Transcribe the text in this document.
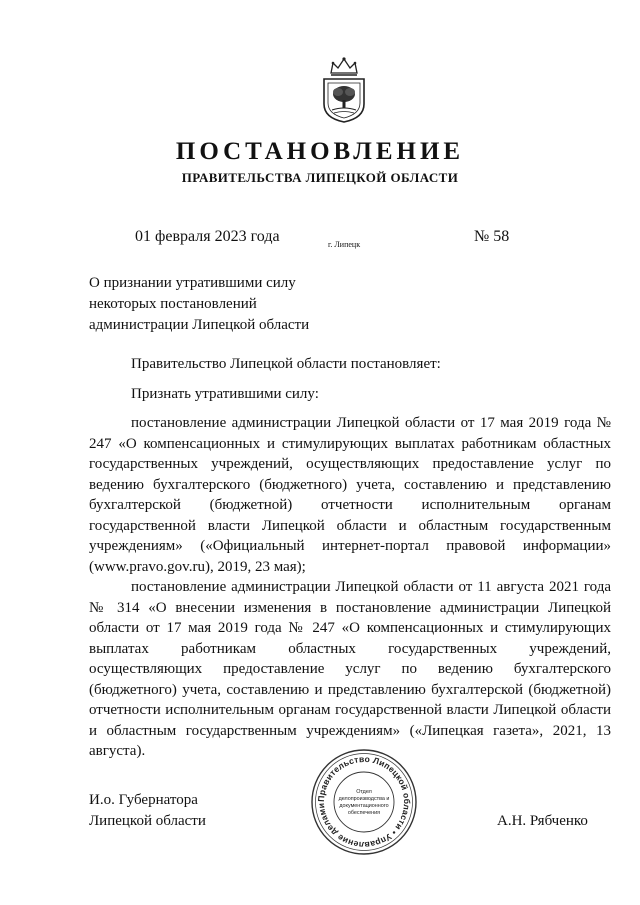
ПОСТАНОВЛЕНИЕ
ПРАВИТЕЛЬСТВА ЛИПЕЦКОЙ ОБЛАСТИ
01 февраля 2023 года	г. Липецк	№ 58
О признании утратившими силу
некоторых постановлений
администрации Липецкой области

Правительство Липецкой области постановляет:

Признать утратившими силу:

постановление администрации Липецкой области от 17 мая 2019 года № 247 «О компенсационных и стимулирующих выплатах работникам областных государственных учреждений, осуществляющих предоставление услуг по ведению бухгалтерского (бюджетного) учета, составлению и представлению бухгалтерской (бюджетной) отчетности исполнительным органам государственной власти Липецкой области и областным государственным учреждениям» («Официальный интернет-портал правовой информации» (www.pravo.gov.ru), 2019, 23 мая);

постановление администрации Липецкой области от 11 августа 2021 года № 314 «О внесении изменения в постановление администрации Липецкой области от 17 мая 2019 года № 247 «О компенсационных и стимулирующих выплатах работникам областных государственных учреждений, осуществляющих предоставление услуг по ведению бухгалтерского (бюджетного) учета, составлению и представлению бухгалтерской (бюджетной) отчетности исполнительным органам государственной власти Липецкой области и областным государственным учреждениям» («Липецкая газета», 2021, 13 августа).

И.о. Губернатора
Липецкой области
Правительство Липецкой области • Управление делами
Отдел
делопроизводства и
документационного
обеспечения	А.Н. Рябченко
